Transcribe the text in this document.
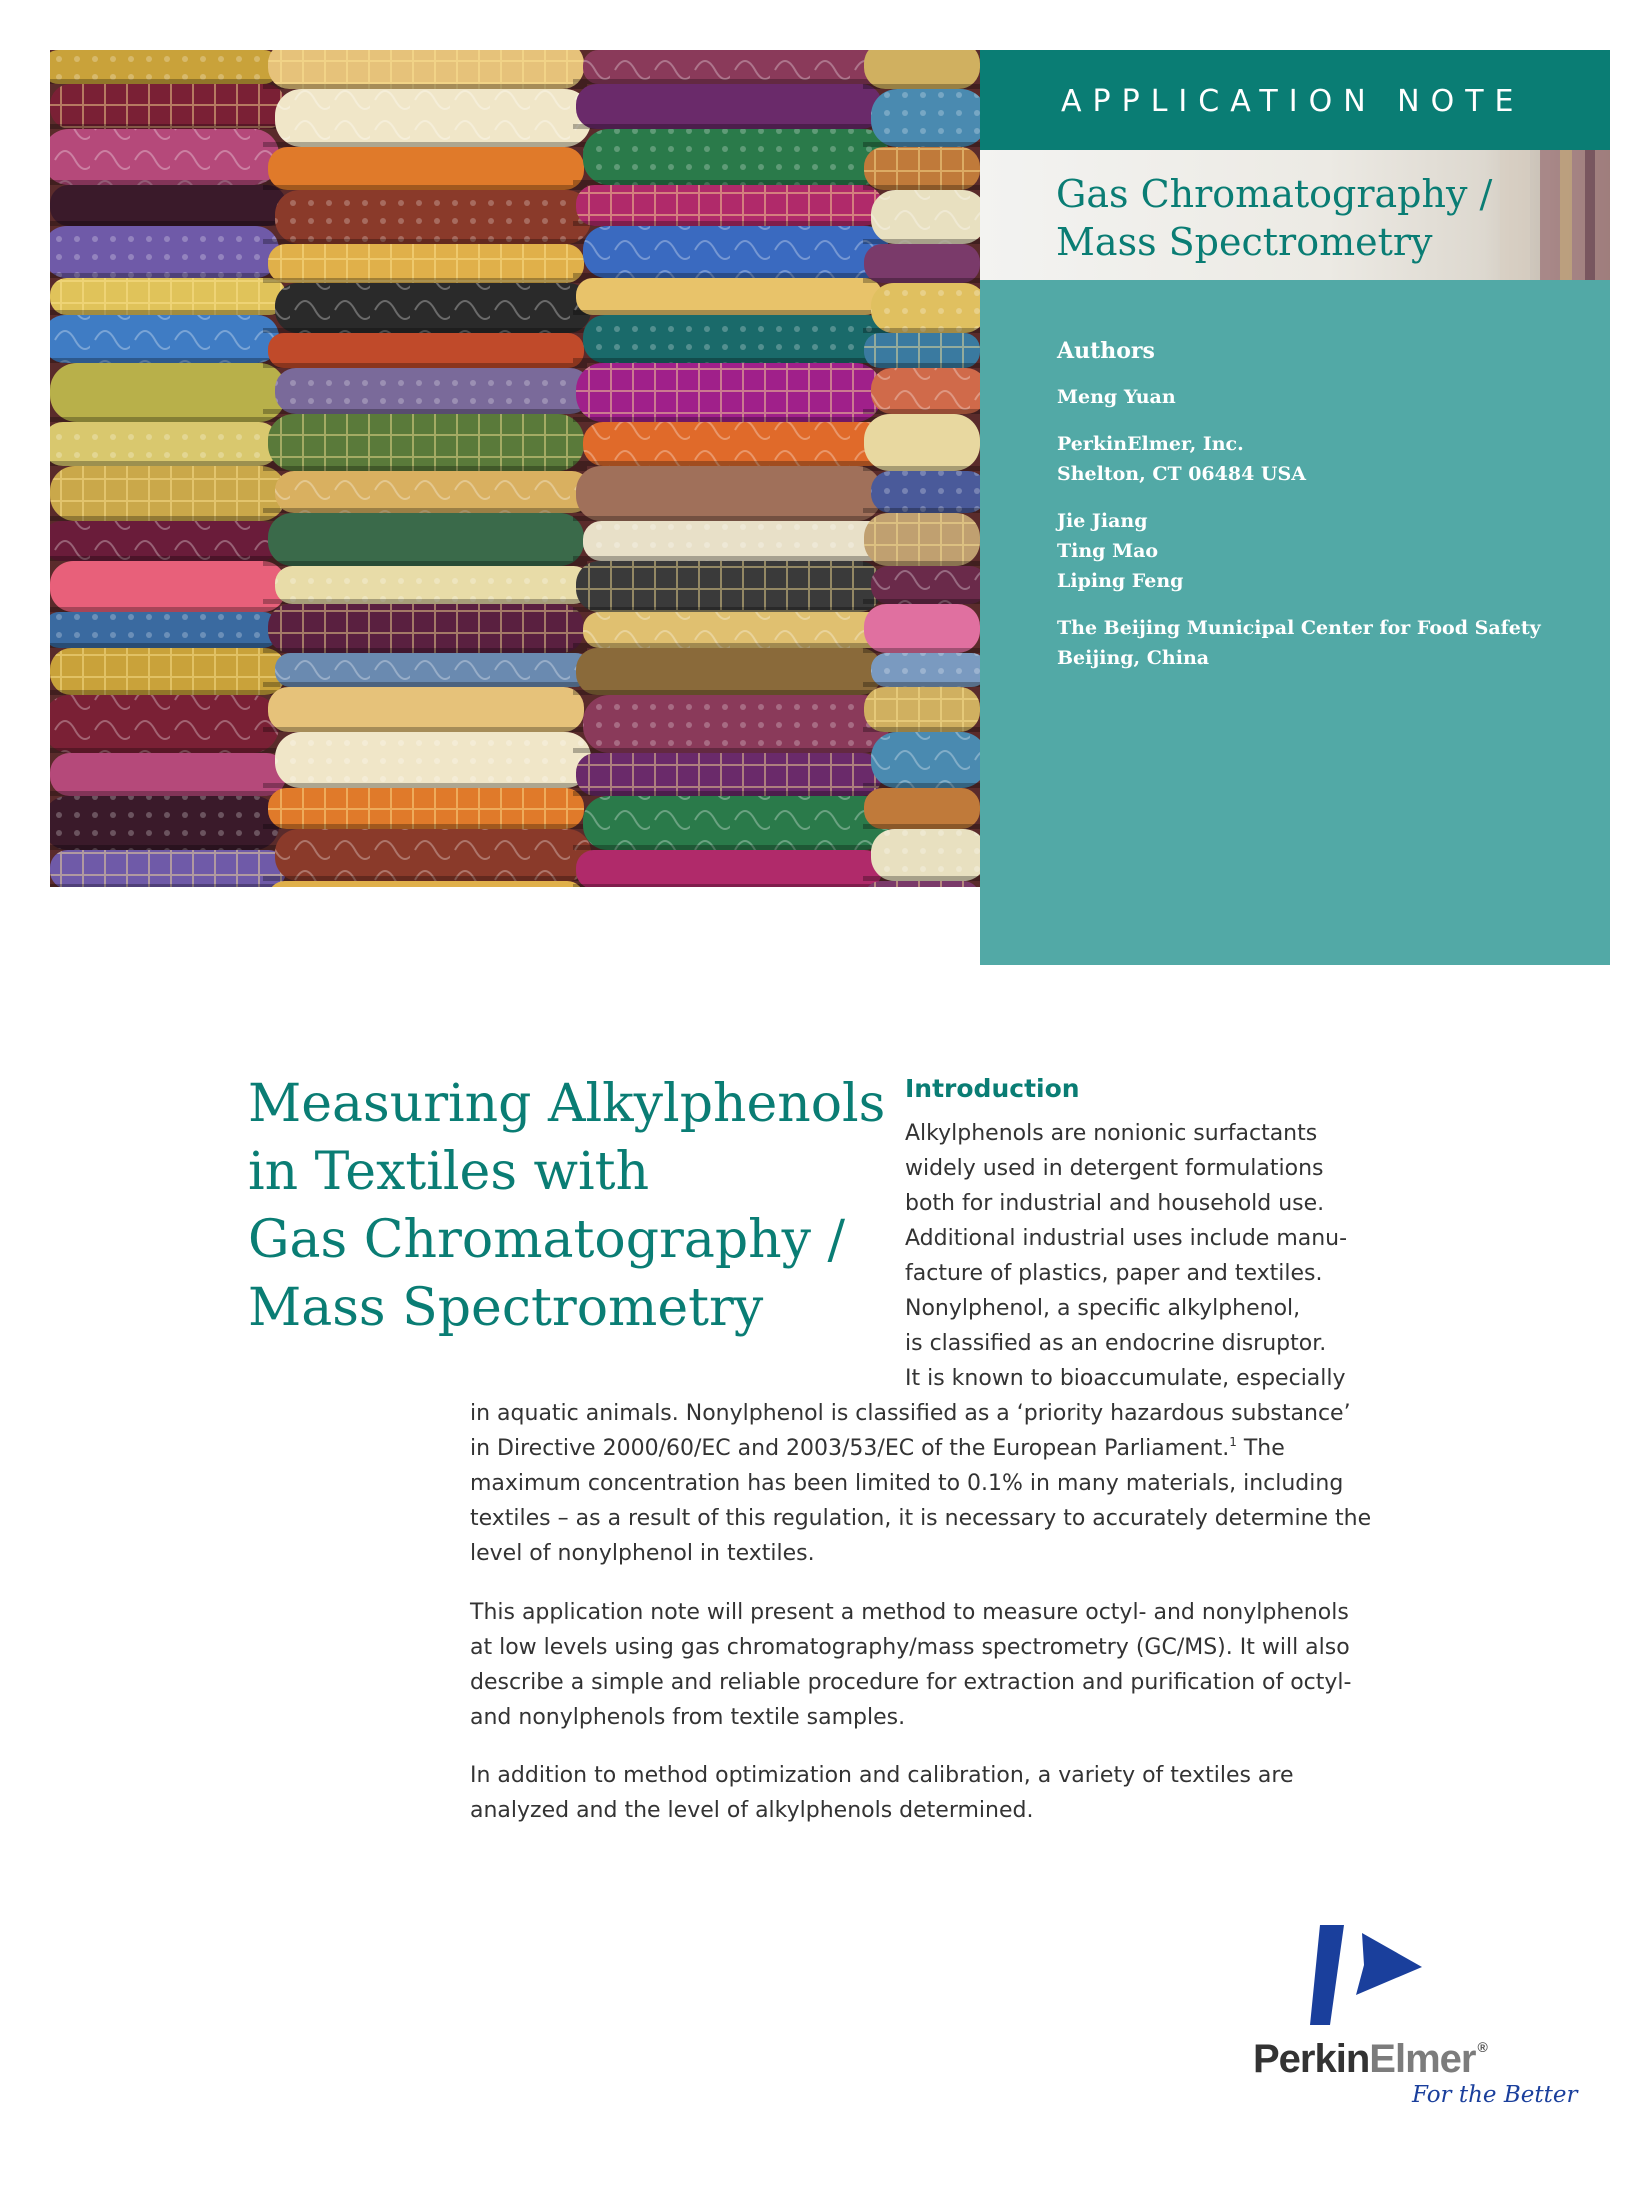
APPLICATION NOTE
Gas Chromatography /
Mass Spectrometry
Authors
Meng Yuan
PerkinElmer, Inc.
Shelton, CT 06484 USA
Jie Jiang
Ting Mao
Liping Feng
The Beijing Municipal Center for Food Safety
Beijing, China
Measuring Alkylphenols
in Textiles with
Gas Chromatography /
Mass Spectrometry
Introduction
Alkylphenols are nonionic surfactants
widely used in detergent formulations
both for industrial and household use.
Additional industrial uses include manu-
facture of plastics, paper and textiles.
Nonylphenol, a specific alkylphenol,
is classified as an endocrine disruptor.
It is known to bioaccumulate, especially
in aquatic animals. Nonylphenol is classified as a ‘priority hazardous substance’
in Directive 2000/60/EC and 2003/53/EC of the European Parliament.$^1$ The
maximum concentration has been limited to 0.1% in many materials, including
textiles – as a result of this regulation, it is necessary to accurately determine the
level of nonylphenol in textiles.
This application note will present a method to measure octyl- and nonylphenols
at low levels using gas chromatography/mass spectrometry (GC/MS). It will also
describe a simple and reliable procedure for extraction and purification of octyl-
and nonylphenols from textile samples.
In addition to method optimization and calibration, a variety of textiles are
analyzed and the level of alkylphenols determined.
PerkinElmer ®
For the Better
